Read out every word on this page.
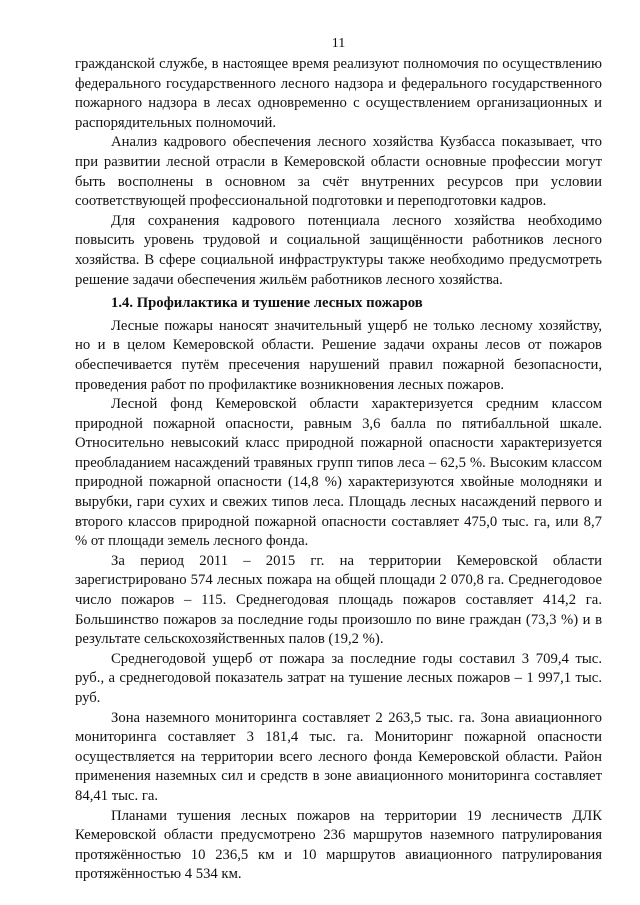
11

гражданской службе, в настоящее время реализуют полномочия по осуществлению федерального государственного лесного надзора и федерального государственного пожарного надзора в лесах одновременно с осуществлением организационных и распорядительных полномочий.

Анализ кадрового обеспечения лесного хозяйства Кузбасса показывает, что при развитии лесной отрасли в Кемеровской области основные профессии могут быть восполнены в основном за счёт внутренних ресурсов при условии соответствующей профессиональной подготовки и переподготовки кадров.

Для сохранения кадрового потенциала лесного хозяйства необходимо повысить уровень трудовой и социальной защищённости работников лесного хозяйства. В сфере социальной инфраструктуры также необходимо предусмотреть решение задачи обеспечения жильём работников лесного хозяйства.

1.4. Профилактика и тушение лесных пожаров

Лесные пожары наносят значительный ущерб не только лесному хозяйству, но и в целом Кемеровской области. Решение задачи охраны лесов от пожаров обеспечивается путём пресечения нарушений правил пожарной безопасности, проведения работ по профилактике возникновения лесных пожаров.

Лесной фонд Кемеровской области характеризуется средним классом природной пожарной опасности, равным 3,6 балла по пятибалльной шкале. Относительно невысокий класс природной пожарной опасности характеризуется преобладанием насаждений травяных групп типов леса – 62,5 %. Высоким классом природной пожарной опасности (14,8 %) характеризуются хвойные молодняки и вырубки, гари сухих и свежих типов леса. Площадь лесных насаждений первого и второго классов природной пожарной опасности составляет 475,0 тыс. га, или 8,7 % от площади земель лесного фонда.

За период 2011 – 2015 гг. на территории Кемеровской области зарегистрировано 574 лесных пожара на общей площади 2 070,8 га. Среднегодовое число пожаров – 115. Среднегодовая площадь пожаров составляет 414,2 га. Большинство пожаров за последние годы произошло по вине граждан (73,3 %) и в результате сельскохозяйственных палов (19,2 %).

Среднегодовой ущерб от пожара за последние годы составил 3 709,4 тыс. руб., а среднегодовой показатель затрат на тушение лесных пожаров – 1 997,1 тыс. руб.

Зона наземного мониторинга составляет 2 263,5 тыс. га. Зона авиационного мониторинга составляет 3 181,4 тыс. га. Мониторинг пожарной опасности осуществляется на территории всего лесного фонда Кемеровской области. Район применения наземных сил и средств в зоне авиационного мониторинга составляет 84,41 тыс. га.

Планами тушения лесных пожаров на территории 19 лесничеств ДЛК Кемеровской области предусмотрено 236 маршрутов наземного патрулирования протяжённостью 10 236,5 км и 10 маршрутов авиационного патрулирования протяжённостью 4 534 км.
